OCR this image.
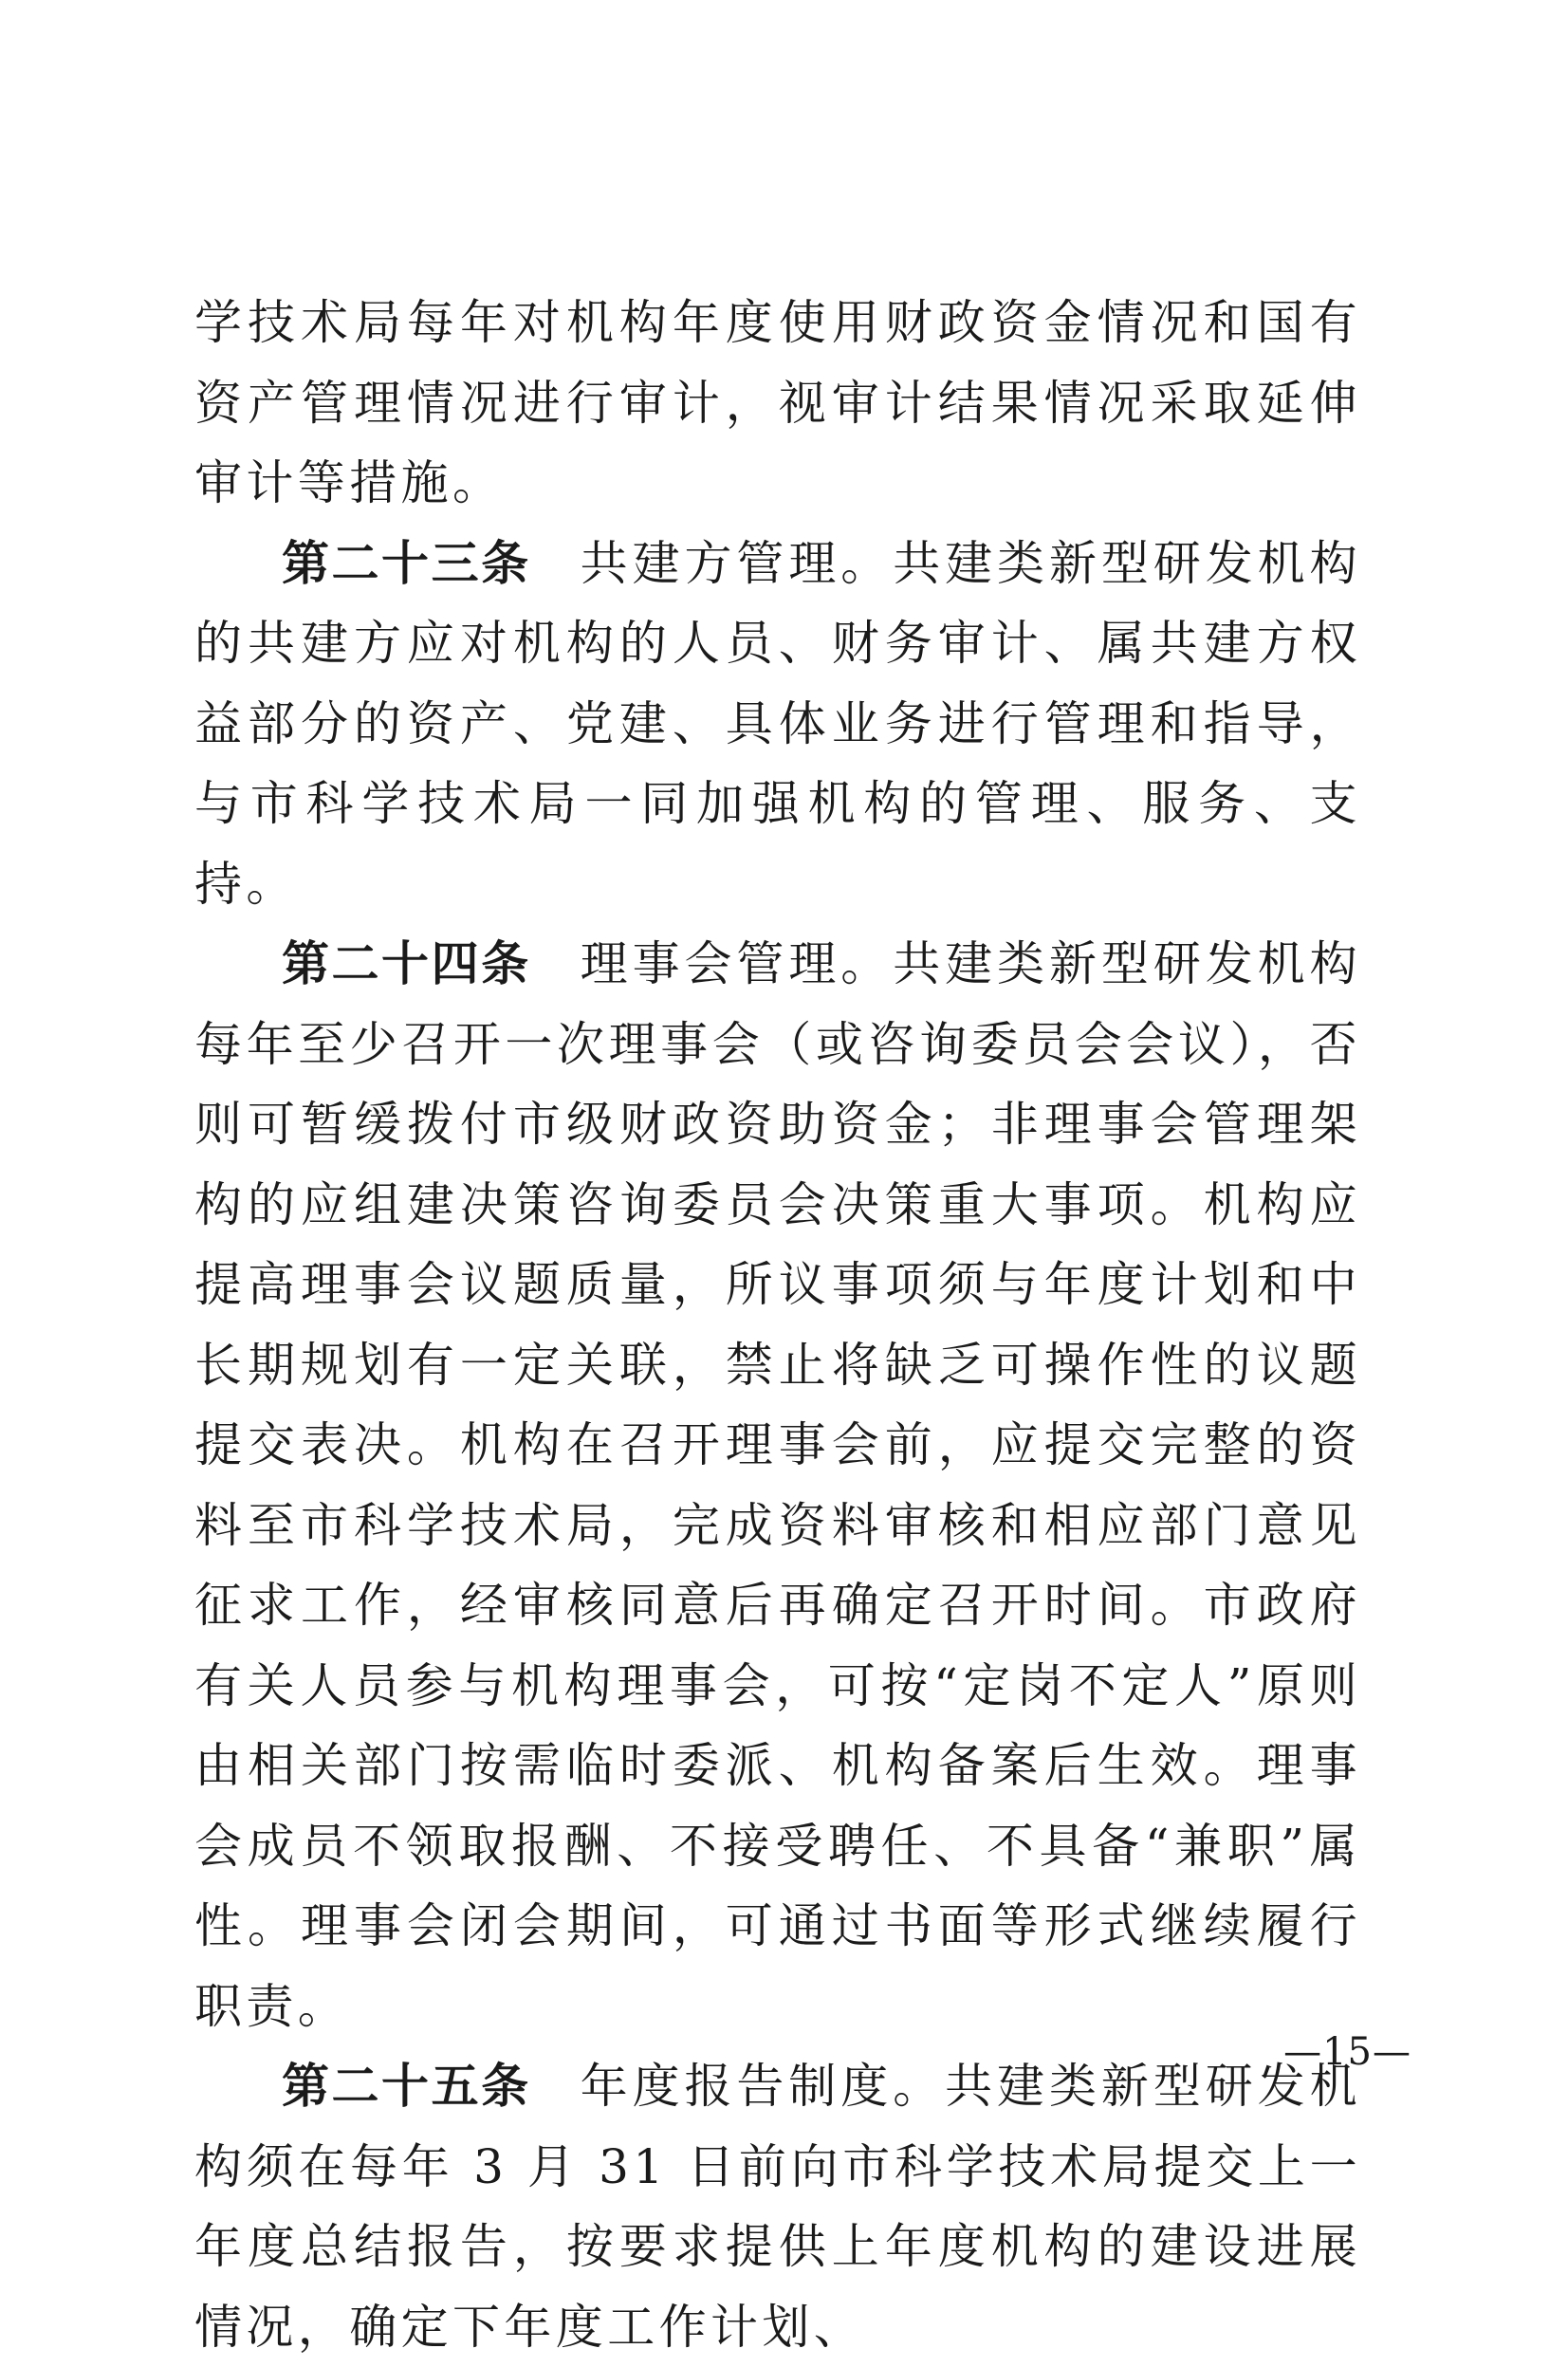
学技术局每年对机构年度使用财政资金情况和国有资产管理情况进行审计，视审计结果情况采取延伸审计等措施。

第二十三条 共建方管理。共建类新型研发机构的共建方应对机构的人员、财务审计、属共建方权益部分的资产、党建、具体业务进行管理和指导，与市科学技术局一同加强机构的管理、服务、支持。

第二十四条 理事会管理。共建类新型研发机构每年至少召开一次理事会（或咨询委员会会议），否则可暂缓拨付市级财政资助资金；非理事会管理架构的应组建决策咨询委员会决策重大事项。机构应提高理事会议题质量，所议事项须与年度计划和中长期规划有一定关联，禁止将缺乏可操作性的议题提交表决。机构在召开理事会前，应提交完整的资料至市科学技术局，完成资料审核和相应部门意见征求工作，经审核同意后再确定召开时间。市政府有关人员参与机构理事会，可按“定岗不定人”原则由相关部门按需临时委派、机构备案后生效。理事会成员不领取报酬、不接受聘任、不具备“兼职”属性。理事会闭会期间，可通过书面等形式继续履行职责。

第二十五条 年度报告制度。共建类新型研发机构须在每年 3 月 31 日前向市科学技术局提交上一年度总结报告，按要求提供上年度机构的建设进展情况，确定下年度工作计划、

—15—
